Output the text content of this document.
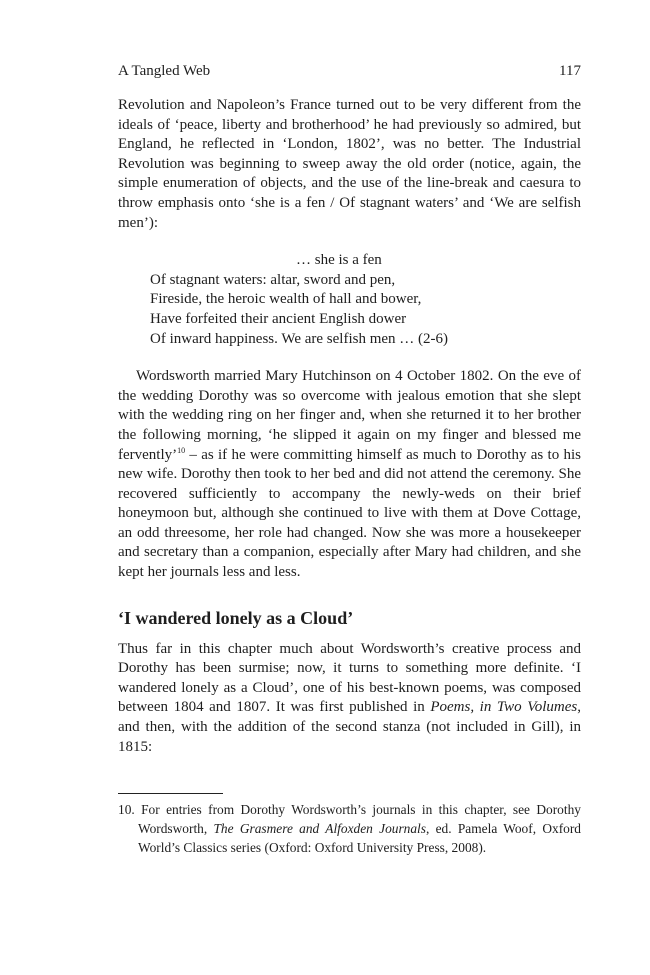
A Tangled Web	117

Revolution and Napoleon’s France turned out to be very different from the ideals of ‘peace, liberty and brotherhood’ he had previously so admired, but England, he reflected in ‘London, 1802’, was no better. The Industrial Revolution was beginning to sweep away the old order (notice, again, the simple enumeration of objects, and the use of the line-break and caesura to throw emphasis onto ‘she is a fen / Of stagnant waters’ and ‘We are selfish men’):

… she is a fen
Of stagnant waters: altar, sword and pen,
Fireside, the heroic wealth of hall and bower,
Have forfeited their ancient English dower
Of inward happiness. We are selfish men … (2-6)

Wordsworth married Mary Hutchinson on 4 October 1802. On the eve of the wedding Dorothy was so overcome with jealous emotion that she slept with the wedding ring on her finger and, when she returned it to her brother the following morning, ‘he slipped it again on my finger and blessed me fervently’$^{10}$ – as if he were committing himself as much to Dorothy as to his new wife. Dorothy then took to her bed and did not attend the ceremony. She recovered sufficiently to accompany the newly-weds on their brief honeymoon but, although she continued to live with them at Dove Cottage, an odd threesome, her role had changed. Now she was more a housekeeper and secretary than a companion, especially after Mary had children, and she kept her journals less and less.

‘I wandered lonely as a Cloud’

Thus far in this chapter much about Wordsworth’s creative process and Dorothy has been surmise; now, it turns to something more definite. ‘I wandered lonely as a Cloud’, one of his best-known poems, was composed between 1804 and 1807. It was first published in Poems, in Two Volumes, and then, with the addition of the second stanza (not included in Gill), in 1815:

10. For entries from Dorothy Wordsworth’s journals in this chapter, see Dorothy Wordsworth, The Grasmere and Alfoxden Journals, ed. Pamela Woof, Oxford World’s Classics series (Oxford: Oxford University Press, 2008).
